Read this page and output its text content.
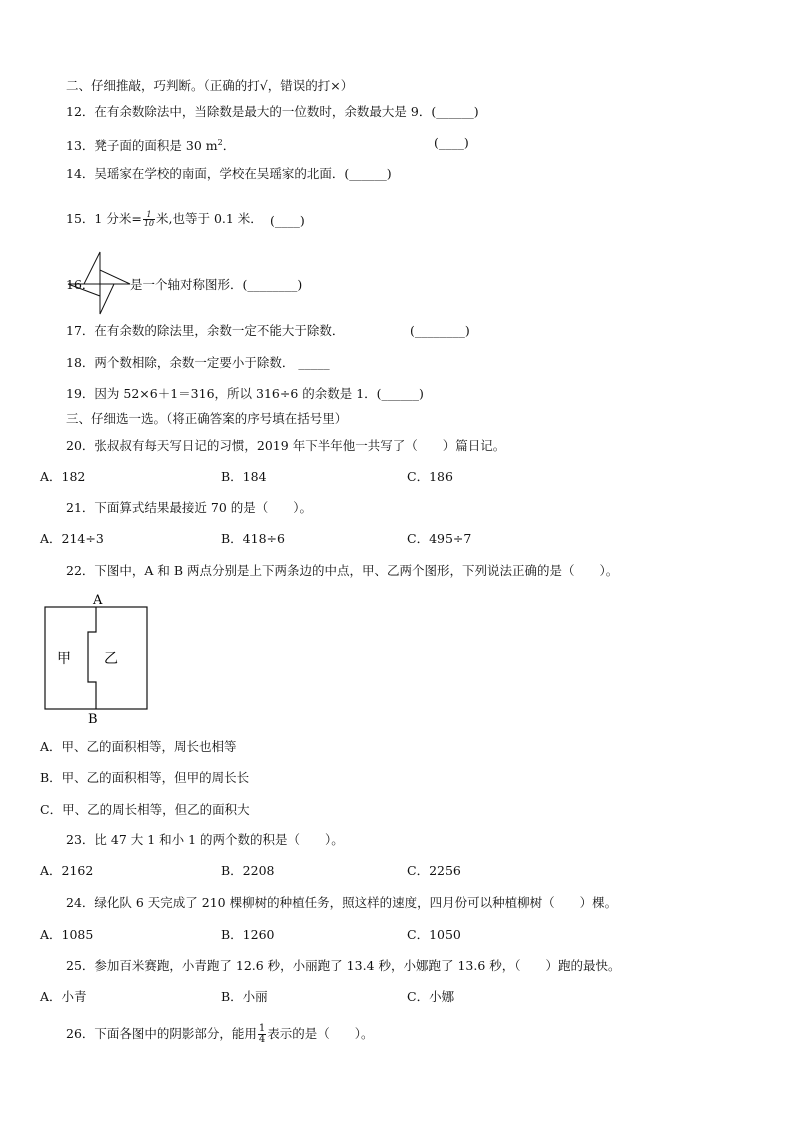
二、仔细推敲，巧判断。（正确的打√，错误的打×）
12．在有余数除法中，当除数是最大的一位数时，余数最大是 9．(______)
13．凳子面的面积是 30 $m^2$．	(____)
14．吴瑶家在学校的南面，学校在吴瑶家的北面．(______)
15．1 分米= $\frac{1}{10}$ 米,也等于 0.1 米． (____)
16．	是一个轴对称图形．(________)
17．在有余数的除法里，余数一定不能大于除数．	(________)
18．两个数相除，余数一定要小于除数． _____
19．因为 52×6＋1＝316，所以 316÷6 的余数是 1．(______)
三、仔细选一选。（将正确答案的序号填在括号里）
20．张叔叔有每天写日记的习惯，2019 年下半年他一共写了（　　）篇日记。
A．182	B．184	C．186
21．下面算式结果最接近 70 的是（　　）。
A．214÷3	B．418÷6	C．495÷7
22．下图中，A 和 B 两点分别是上下两条边的中点，甲、乙两个图形，下列说法正确的是（　　）。
A
B
甲 乙
A．甲、乙的面积相等，周长也相等
B．甲、乙的面积相等，但甲的周长长
C．甲、乙的周长相等，但乙的面积大
23．比 47 大 1 和小 1 的两个数的积是（　　）。
A．2162	B．2208	C．2256
24．绿化队 6 天完成了 210 棵柳树的种植任务，照这样的速度，四月份可以种植柳树（　　）棵。
A．1085	B．1260	C．1050
25．参加百米赛跑，小青跑了 12.6 秒，小丽跑了 13.4 秒，小娜跑了 13.6 秒，（　　）跑的最快。
A．小青	B．小丽	C．小娜
26．下面各图中的阴影部分，能用 $\frac{1}{4}$ 表示的是（　　）。
